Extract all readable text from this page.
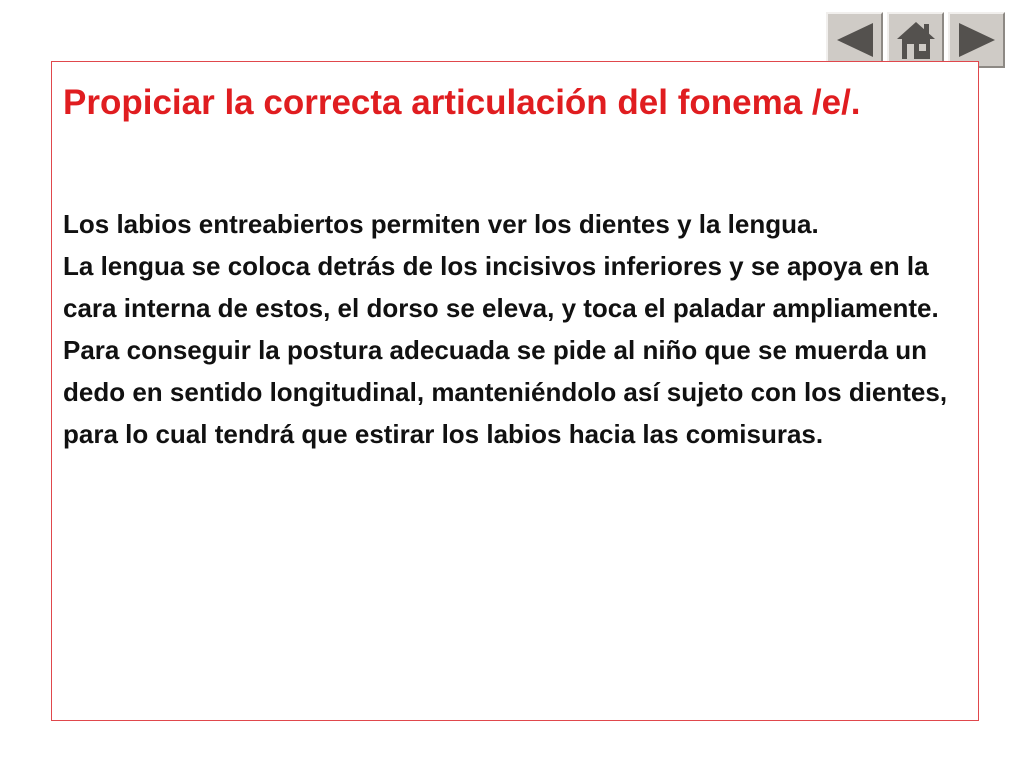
Propiciar la correcta articulación del fonema /e/.

Los labios entreabiertos permiten ver los dientes y la lengua.

La lengua se coloca detrás de los incisivos inferiores y se apoya en la cara interna de estos, el dorso se eleva, y toca el paladar ampliamente.

Para conseguir la postura adecuada se pide al niño que se muerda un dedo en sentido longitudinal, manteniéndolo así sujeto con los dientes, para lo cual tendrá que estirar los labios hacia las comisuras.
